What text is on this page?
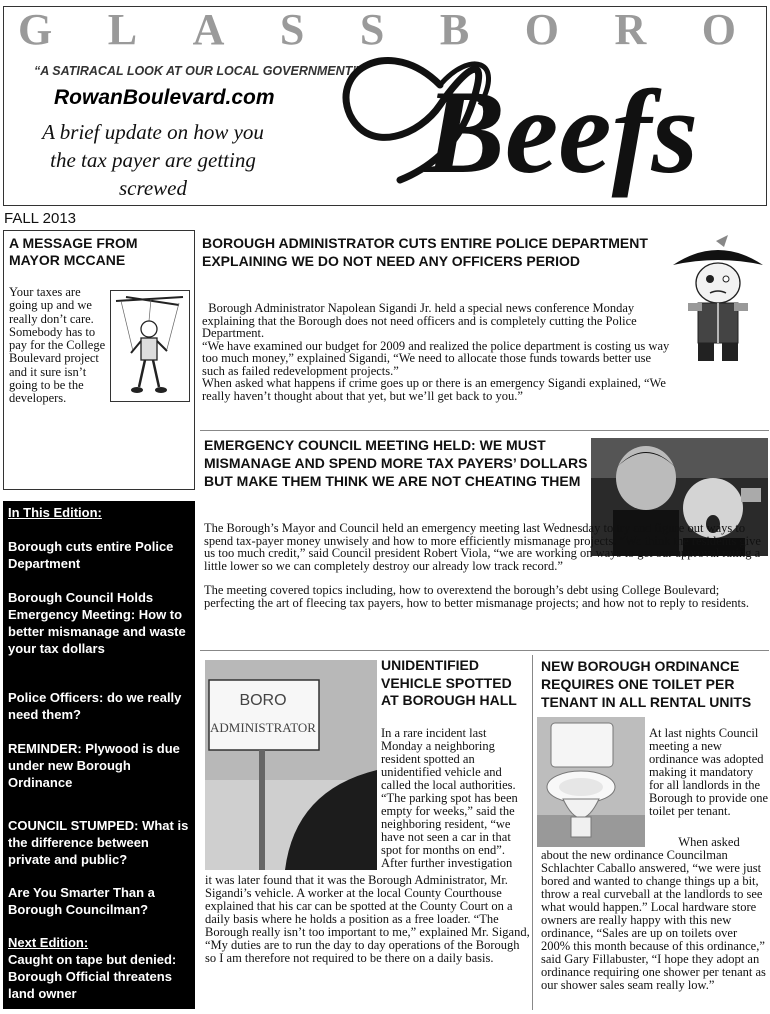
G L A S S B O R O
“A SATIRACAL LOOK AT OUR LOCAL GOVERNMENT”
RowanBoulevard.com
A brief update on how you the tax payer are getting screwed	Beefs
FALL 2013
A MESSAGE FROM MAYOR MCCANE
Your taxes are going up and we really don’t care. Somebody has to pay for the College Boulevard project and it sure isn’t going to be the developers.
In This Edition:
Borough cuts entire Police Department
Borough Council Holds Emergency Meeting: How to better mismanage and waste your tax dollars
Police Officers: do we really need them?
REMINDER: Plywood is due under new Borough Ordinance
COUNCIL STUMPED: What is the difference between private and public?
Are You Smarter Than a Borough Councilman?
Next Edition:
Caught on tape but denied: Borough Official threatens land owner
BOROUGH ADMINISTRATOR CUTS ENTIRE POLICE DEPARTMENT EXPLAINING WE DO NOT NEED ANY OFFICERS PERIOD

Borough Administrator Napolean Sigandi Jr. held a special news conference Monday explaining that the Borough does not need officers and is completely cutting the Police Department.

“We have examined our budget for 2009 and realized the police department is costing us way too much money,” explained Sigandi, “We need to allocate those funds towards better use such as failed redevelopment projects.”

When asked what happens if crime goes up or there is an emergency Sigandi explained, “We really haven’t thought about that yet, but we’ll get back to you.”

EMERGENCY COUNCIL MEETING HELD: WE MUST MISMANAGE AND SPEND MORE TAX PAYERS’ DOLLARS BUT MAKE THEM THINK WE ARE NOT CHEATING THEM

The Borough’s Mayor and Council held an emergency meeting last Wednesday to try and figure out ways to spend tax-payer money unwisely and how to more efficiently mismanage projects. “We think the residents give us too much credit,” said Council president Robert Viola, “we are working on ways to get our approval rating a little lower so we can completely destroy our already low track record.”

The meeting covered topics including, how to overextend the borough’s debt using College Boulevard; perfecting the art of fleecing tax payers, how to better mismanage projects; and how not to reply to residents.

BORO
ADMINISTRATOR
UNIDENTIFIED VEHICLE SPOTTED AT BOROUGH HALL
In a rare incident last Monday a neighboring resident spotted an unidentified vehicle and called the local authorities. “The parking spot has been empty for weeks,” said the neighboring resident, “we have not seen a car in that spot for months on end”. After further investigation
it was later found that it was the Borough Administrator, Mr. Sigandi’s vehicle. A worker at the local County Courthouse explained that his car can be spotted at the County Court on a daily basis where he holds a position as a free loader. “The Borough really isn’t too important to me,” explained Mr. Sigand, “My duties are to run the day to day operations of the Borough so I am therefore not required to be there on a daily basis.
NEW BOROUGH ORDINANCE REQUIRES ONE TOILET PER TENANT IN ALL RENTAL UNITS
At last nights Council meeting a new ordinance was adopted making it mandatory for all landlords in the Borough to provide one toilet per tenant.
When asked about the new ordinance Councilman Schlachter Caballo answered, “we were just bored and wanted to change things up a bit, throw a real curveball at the landlords to see what would happen.” Local hardware store owners are really happy with this new ordinance, “Sales are up on toilets over 200% this month because of this ordinance,” said Gary Fillabuster, “I hope they adopt an ordinance requiring one shower per tenant as our shower sales seam really low.”
